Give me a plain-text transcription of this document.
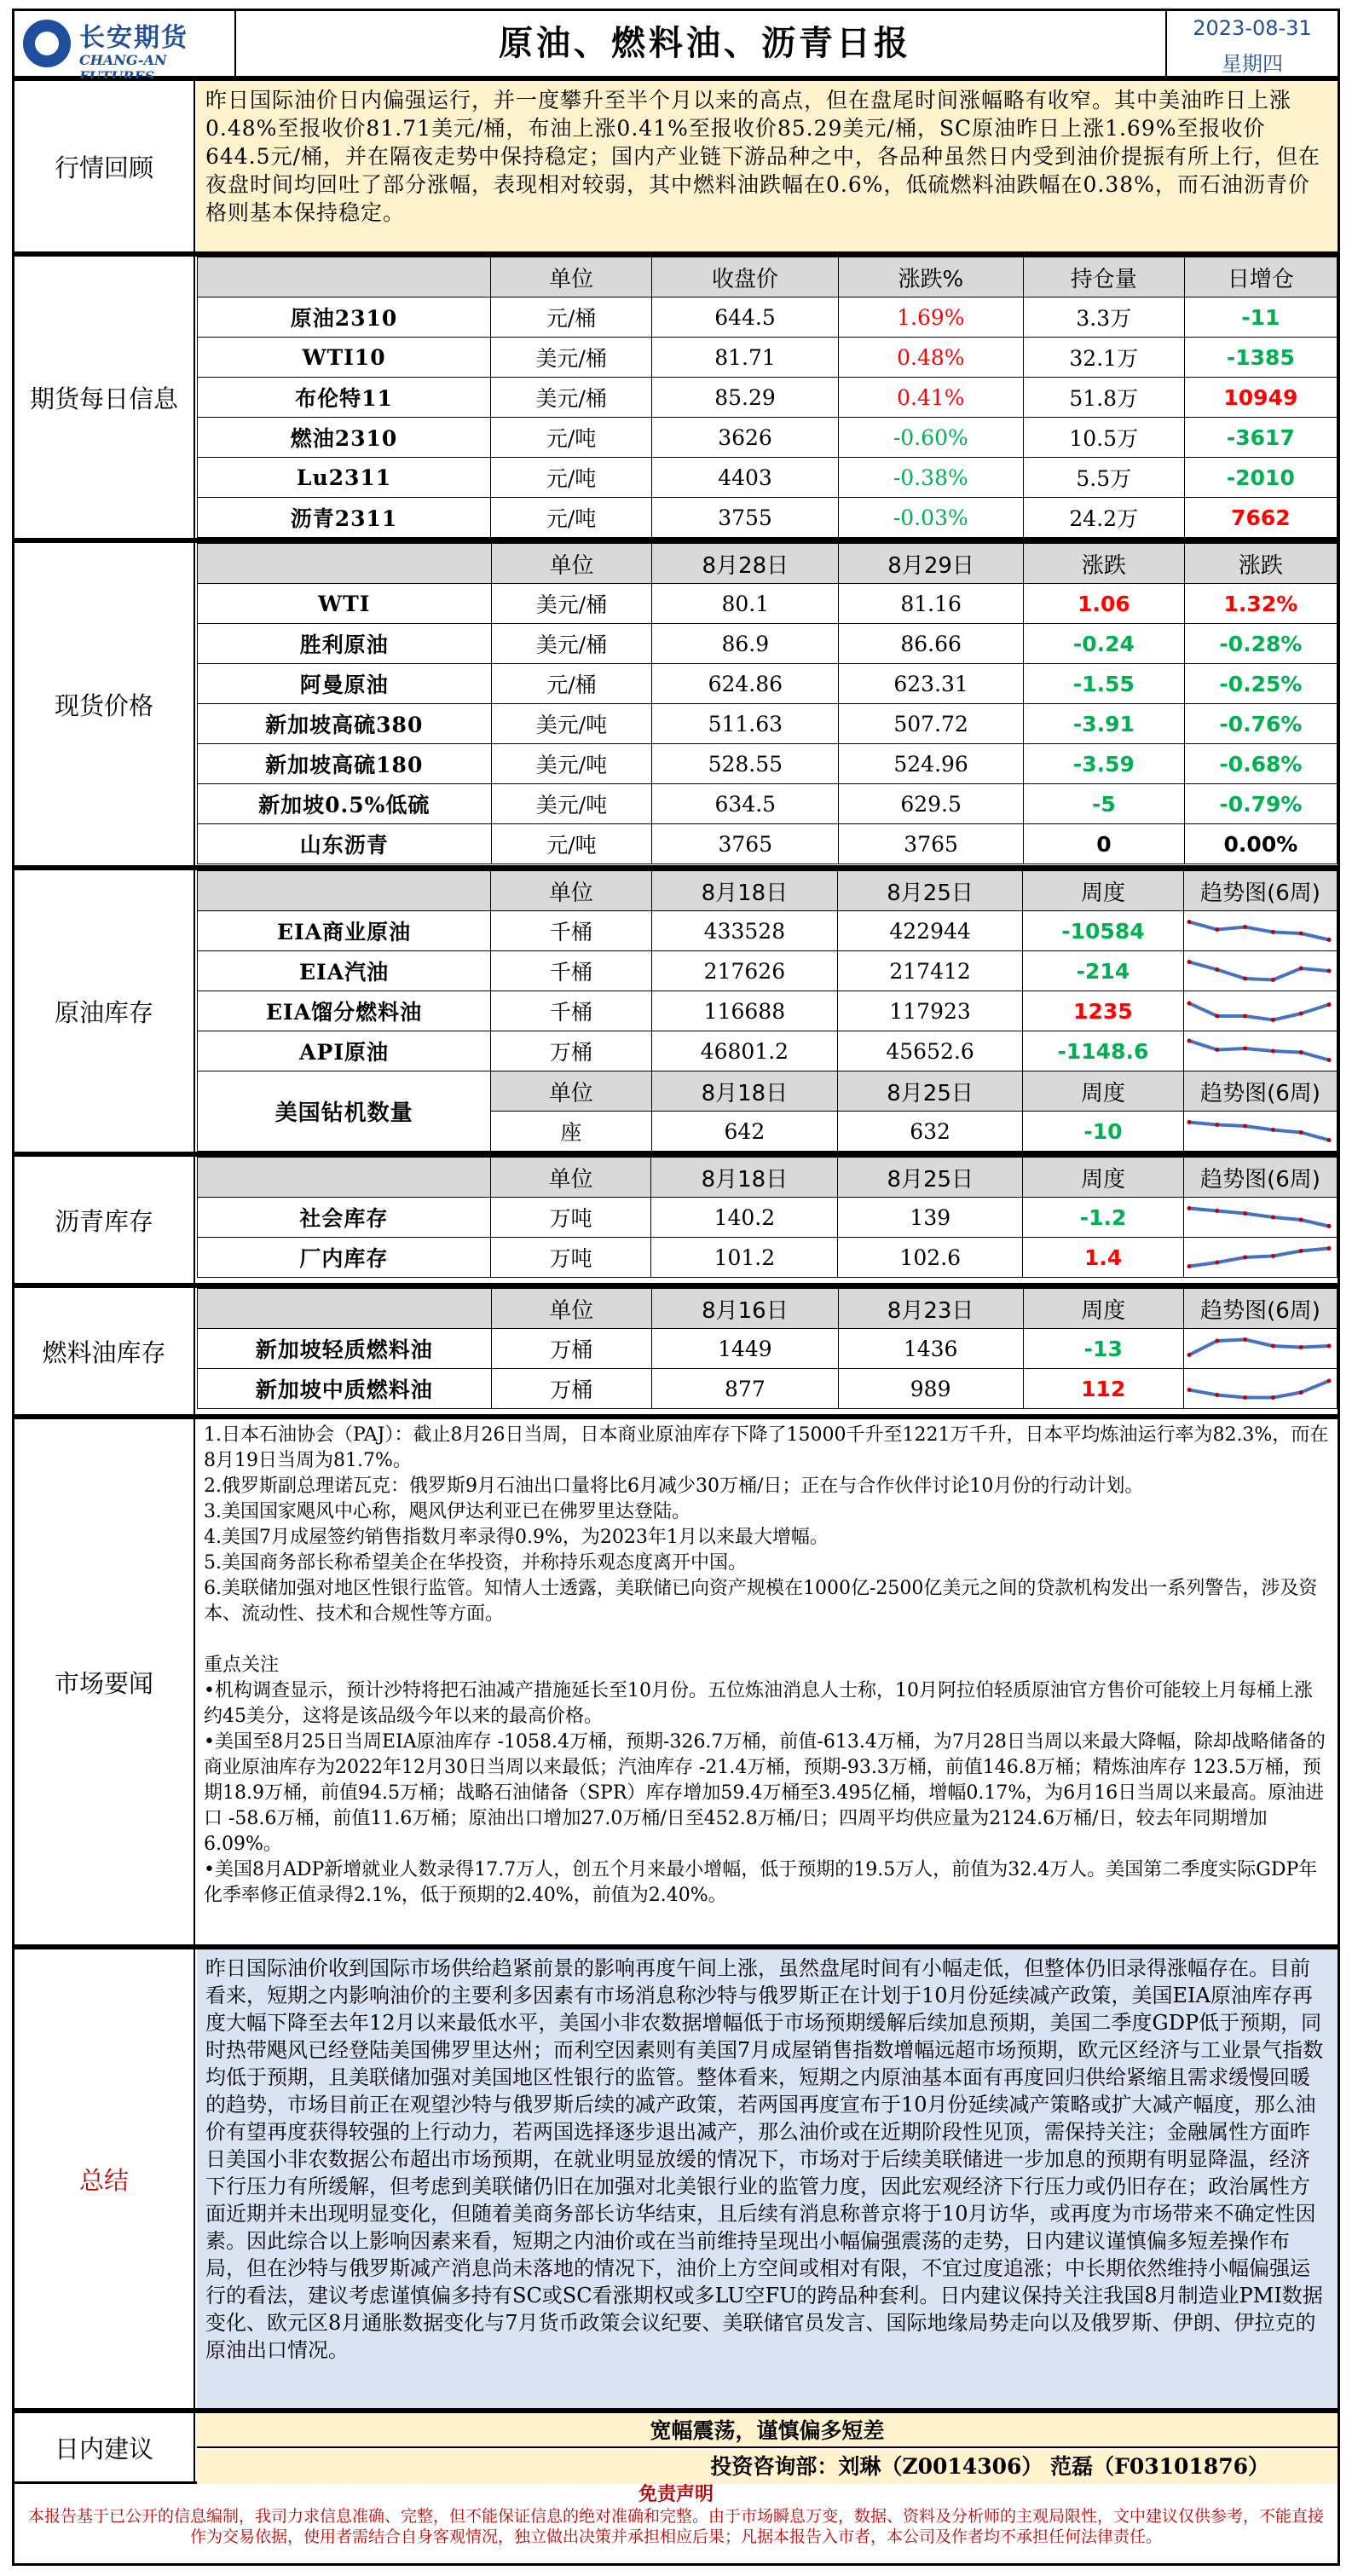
长安期货
CHANG-AN FUTURES
原油、燃料油、沥青日报	2023-08-31
星期四
行情回顾
昨日国际油价日内偏强运行，并一度攀升至半个月以来的高点，但在盘尾时间涨幅略有收窄。其中美油昨日上涨0.48%至报收价81.71美元/桶，布油上涨0.41%至报收价85.29美元/桶，SC原油昨日上涨1.69%至报收价644.5元/桶，并在隔夜走势中保持稳定；国内产业链下游品种之中，各品种虽然日内受到油价提振有所上行，但在夜盘时间均回吐了部分涨幅，表现相对较弱，其中燃料油跌幅在0.6%，低硫燃料油跌幅在0.38%，而石油沥青价格则基本保持稳定。
期货每日信息
	单位	收盘价	涨跌%	持仓量	日增仓
原油2310	元/桶	644.5	1.69%	3.3万	-11
WTI10	美元/桶	81.71	0.48%	32.1万	-1385
布伦特11	美元/桶	85.29	0.41%	51.8万	10949
燃油2310	元/吨	3626	-0.60%	10.5万	-3617
Lu2311	元/吨	4403	-0.38%	5.5万	-2010
沥青2311	元/吨	3755	-0.03%	24.2万	7662
现货价格
	单位	8月28日	8月29日	涨跌	涨跌
WTI	美元/桶	80.1	81.16	1.06	1.32%
胜利原油	美元/桶	86.9	86.66	-0.24	-0.28%
阿曼原油	元/桶	624.86	623.31	-1.55	-0.25%
新加坡高硫380	美元/吨	511.63	507.72	-3.91	-0.76%
新加坡高硫180	美元/吨	528.55	524.96	-3.59	-0.68%
新加坡0.5%低硫	美元/吨	634.5	629.5	-5	-0.79%
山东沥青	元/吨	3765	3765	0	0.00%
原油库存
	单位	8月18日	8月25日	周度	趋势图(6周)
EIA商业原油	千桶	433528	422944	-10584	

EIA汽油	千桶	217626	217412	-214	

EIA馏分燃料油	千桶	116688	117923	1235	

API原油	万桶	46801.2	45652.6	-1148.6	

美国钻机数量	单位	8月18日	8月25日	周度	趋势图(6周)
	座	642	632	-10	
沥青库存
	单位	8月18日	8月25日	周度	趋势图(6周)
社会库存	万吨	140.2	139	-1.2	

厂内库存	万吨	101.2	102.6	1.4	
燃料油库存
	单位	8月16日	8月23日	周度	趋势图(6周)
新加坡轻质燃料油	万桶	1449	1436	-13	

新加坡中质燃料油	万桶	877	989	112	
市场要闻

1.日本石油协会（PAJ）：截止8月26日当周，日本商业原油库存下降了15000千升至1221万千升，日本平均炼油运行率为82.3%，而在8月19日当周为81.7%。

2.俄罗斯副总理诺瓦克：俄罗斯9月石油出口量将比6月减少30万桶/日；正在与合作伙伴讨论10月份的行动计划。

3.美国国家飓风中心称，飓风伊达利亚已在佛罗里达登陆。

4.美国7月成屋签约销售指数月率录得0.9%，为2023年1月以来最大增幅。

5.美国商务部长称希望美企在华投资，并称持乐观态度离开中国。

6.美联储加强对地区性银行监管。知情人士透露，美联储已向资产规模在1000亿-2500亿美元之间的贷款机构发出一系列警告，涉及资本、流动性、技术和合规性等方面。

重点关注

•机构调查显示，预计沙特将把石油减产措施延长至10月份。五位炼油消息人士称，10月阿拉伯轻质原油官方售价可能较上月每桶上涨约45美分，这将是该品级今年以来的最高价格。

•美国至8月25日当周EIA原油库存 -1058.4万桶，预期-326.7万桶，前值-613.4万桶，为7月28日当周以来最大降幅，除却战略储备的商业原油库存为2022年12月30日当周以来最低；汽油库存 -21.4万桶，预期-93.3万桶，前值146.8万桶；精炼油库存 123.5万桶，预期18.9万桶，前值94.5万桶；战略石油储备（SPR）库存增加59.4万桶至3.495亿桶，增幅0.17%，为6月16日当周以来最高。原油进口 -58.6万桶，前值11.6万桶；原油出口增加27.0万桶/日至452.8万桶/日；四周平均供应量为2124.6万桶/日，较去年同期增加6.09%。

•美国8月ADP新增就业人数录得17.7万人，创五个月来最小增幅，低于预期的19.5万人，前值为32.4万人。美国第二季度实际GDP年化季率修正值录得2.1%，低于预期的2.40%，前值为2.40%。

总结
昨日国际油价收到国际市场供给趋紧前景的影响再度午间上涨，虽然盘尾时间有小幅走低，但整体仍旧录得涨幅存在。目前看来，短期之内影响油价的主要利多因素有市场消息称沙特与俄罗斯正在计划于10月份延续减产政策，美国EIA原油库存再度大幅下降至去年12月以来最低水平，美国小非农数据增幅低于市场预期缓解后续加息预期，美国二季度GDP低于预期，同时热带飓风已经登陆美国佛罗里达州；而利空因素则有美国7月成屋销售指数增幅远超市场预期，欧元区经济与工业景气指数均低于预期，且美联储加强对美国地区性银行的监管。整体看来，短期之内原油基本面有再度回归供给紧缩且需求缓慢回暖的趋势，市场目前正在观望沙特与俄罗斯后续的减产政策，若两国再度宣布于10月份延续减产策略或扩大减产幅度，那么油价有望再度获得较强的上行动力，若两国选择逐步退出减产，那么油价或在近期阶段性见顶，需保持关注；金融属性方面昨日美国小非农数据公布超出市场预期，在就业明显放缓的情况下，市场对于后续美联储进一步加息的预期有明显降温，经济下行压力有所缓解，但考虑到美联储仍旧在加强对北美银行业的监管力度，因此宏观经济下行压力或仍旧存在；政治属性方面近期并未出现明显变化，但随着美商务部长访华结束，且后续有消息称普京将于10月访华，或再度为市场带来不确定性因素。因此综合以上影响因素来看，短期之内油价或在当前维持呈现出小幅偏强震荡的走势，日内建议谨慎偏多短差操作布局，但在沙特与俄罗斯减产消息尚未落地的情况下，油价上方空间或相对有限，不宜过度追涨；中长期依然维持小幅偏强运行的看法，建议考虑谨慎偏多持有SC或SC看涨期权或多LU空FU的跨品种套利。日内建议保持关注我国8月制造业PMI数据变化、欧元区8月通胀数据变化与7月货币政策会议纪要、美联储官员发言、国际地缘局势走向以及俄罗斯、伊朗、伊拉克的原油出口情况。
日内建议
宽幅震荡，谨慎偏多短差
投资咨询部：刘琳（Z0014306） 范磊（F03101876）
免责声明
本报告基于已公开的信息编制，我司力求信息准确、完整，但不能保证信息的绝对准确和完整。由于市场瞬息万变，数据、资料及分析师的主观局限性，文中建议仅供参考，不能直接作为交易依据，使用者需结合自身客观情况，独立做出决策并承担相应后果；凡据本报告入市者，本公司及作者均不承担任何法律责任。
